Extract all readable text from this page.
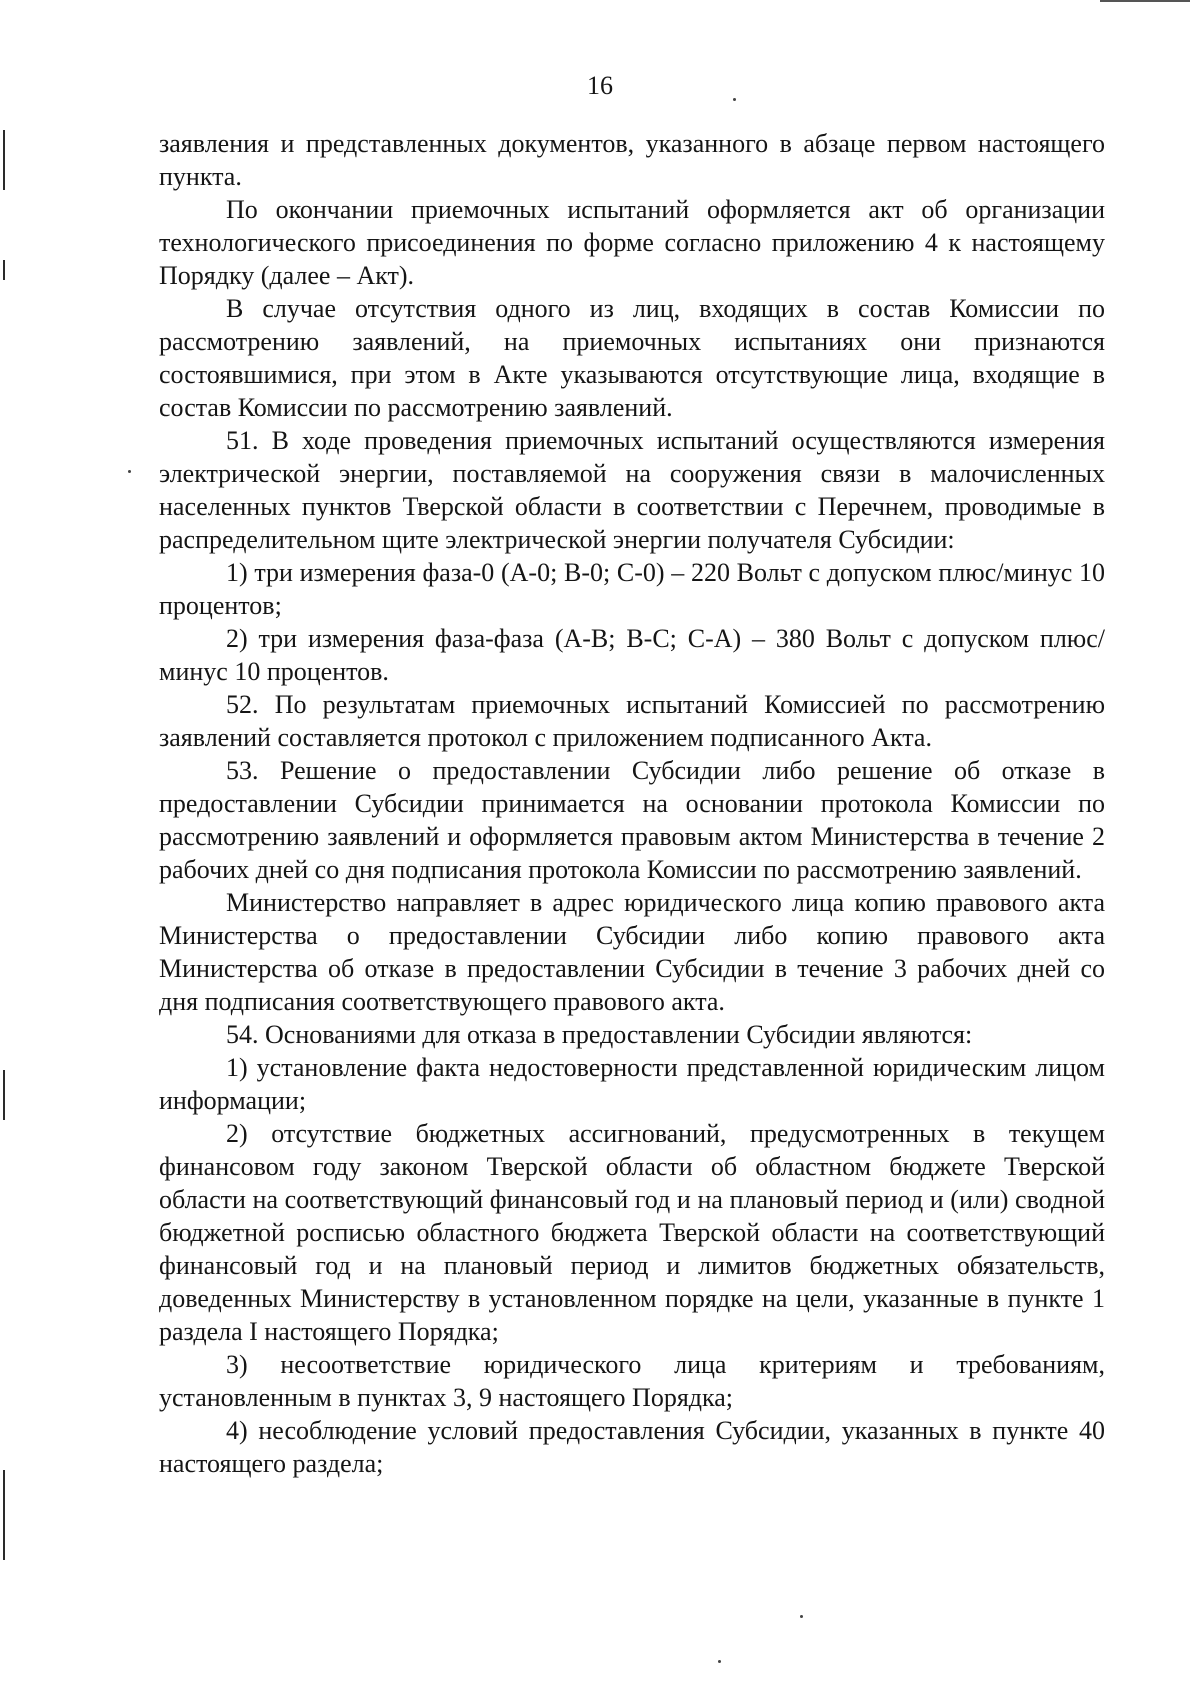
16

заявления и представленных документов, указанного в абзаце первом настоящего пункта.

По окончании приемочных испытаний оформляется акт об организации технологического присоединения по форме согласно приложению 4 к настоящему Порядку (далее – Акт).

В случае отсутствия одного из лиц, входящих в состав Комиссии по рассмотрению заявлений, на приемочных испытаниях они признаются состоявшимися, при этом в Акте указываются отсутствующие лица, входящие в состав Комиссии по рассмотрению заявлений.

51. В ходе проведения приемочных испытаний осуществляются измерения электрической энергии, поставляемой на сооружения связи в малочисленных населенных пунктов Тверской области в соответствии с Перечнем, проводимые в распределительном щите электрической энергии получателя Субсидии:

1) три измерения фаза-0 (А-0; В-0; С-0) – 220 Вольт с допуском плюс/минус 10 процентов;

2) три измерения фаза-фаза (А-В; В-С; С-А) – 380 Вольт с допуском плюс/минус 10 процентов.

52. По результатам приемочных испытаний Комиссией по рассмотрению заявлений составляется протокол с приложением подписанного Акта.

53. Решение о предоставлении Субсидии либо решение об отказе в предоставлении Субсидии принимается на основании протокола Комиссии по рассмотрению заявлений и оформляется правовым актом Министерства в течение 2 рабочих дней со дня подписания протокола Комиссии по рассмотрению заявлений.

Министерство направляет в адрес юридического лица копию правового акта Министерства о предоставлении Субсидии либо копию правового акта Министерства об отказе в предоставлении Субсидии в течение 3 рабочих дней со дня подписания соответствующего правового акта.

54. Основаниями для отказа в предоставлении Субсидии являются:

1) установление факта недостоверности представленной юридическим лицом информации;

2) отсутствие бюджетных ассигнований, предусмотренных в текущем финансовом году законом Тверской области об областном бюджете Тверской области на соответствующий финансовый год и на плановый период и (или) сводной бюджетной росписью областного бюджета Тверской области на соответствующий финансовый год и на плановый период и лимитов бюджетных обязательств, доведенных Министерству в установленном порядке на цели, указанные в пункте 1 раздела I настоящего Порядка;

3) несоответствие юридического лица критериям и требованиям, установленным в пунктах 3, 9 настоящего Порядка;

4) несоблюдение условий предоставления Субсидии, указанных в пункте 40 настоящего раздела;
